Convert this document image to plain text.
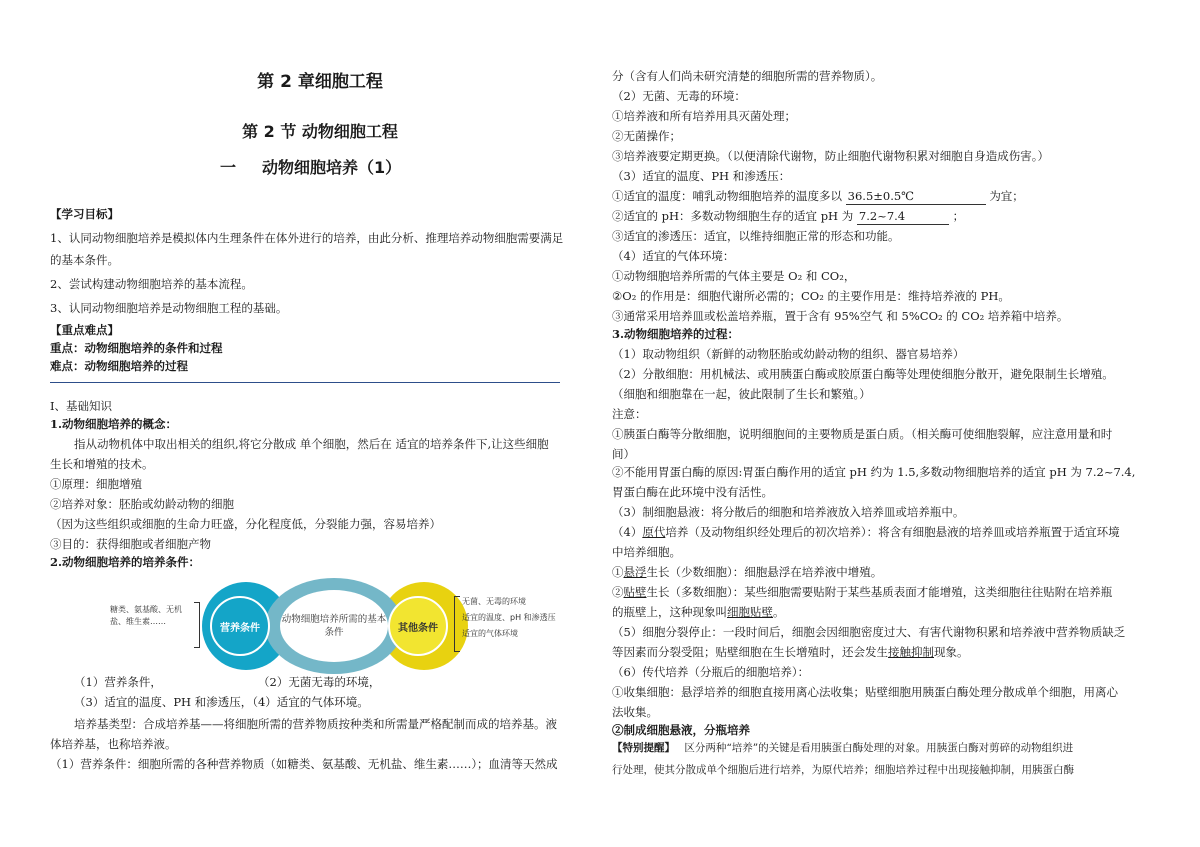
第 2 章细胞工程
第 2 节 动物细胞工程
一 动物细胞培养（1）
【学习目标】
1、认同动物细胞培养是模拟体内生理条件在体外进行的培养，由此分析、推理培养动物细胞需要满足
的基本条件。
2、尝试构建动物细胞培养的基本流程。
3、认同动物细胞培养是动物细胞工程的基础。
【重点难点】
重点：动物细胞培养的条件和过程
难点：动物细胞培养的过程
Ⅰ、基础知识
1.动物细胞培养的概念：
指从动物机体中取出相关的组织,将它分散成 单个细胞，然后在 适宜的培养条件下,让这些细胞
生长和增殖的技术。
①原理：细胞增殖
②培养对象：胚胎或幼龄动物的细胞
（因为这些组织或细胞的生命力旺盛，分化程度低，分裂能力强，容易培养）
③目的：获得细胞或者细胞产物
2.动物细胞培养的培养条件：
糖类、氨基酸、无机盐、维生素……
营养条件
动物细胞培养所需的基本条件	其他条件
无菌、无毒的环境
适宜的温度、pH 和渗透压
适宜的气体环境
（1）营养条件，	（2）无菌无毒的环境，
（3）适宜的温度、PH 和渗透压，（4）适宜的气体环境。
培养基类型：合成培养基——将细胞所需的营养物质按种类和所需量严格配制而成的培养基。液
体培养基，也称培养液。
（1）营养条件：细胞所需的各种营养物质（如糖类、氨基酸、无机盐、维生素……）；血清等天然成
分（含有人们尚未研究清楚的细胞所需的营养物质）。
（2）无菌、无毒的环境：
①培养液和所有培养用具灭菌处理；
②无菌操作；
③培养液要定期更换。（以便清除代谢物，防止细胞代谢物积累对细胞自身造成伤害。）
（3）适宜的温度、PH 和渗透压：
①适宜的温度：哺乳动物细胞培养的温度多以 36.5±0.5℃	为宜；
②适宜的 pH：多数动物细胞生存的适宜 pH 为 7.2~7.4	；
③适宜的渗透压：适宜，以维持细胞正常的形态和功能。
（4）适宜的气体环境：
①动物细胞培养所需的气体主要是 O₂ 和 CO₂，
②O₂ 的作用是：细胞代谢所必需的；CO₂ 的主要作用是：维持培养液的 PH。
③通常采用培养皿或松盖培养瓶，置于含有 95%空气 和 5%CO₂ 的 CO₂ 培养箱中培养。
3.动物细胞培养的过程：
（1）取动物组织（新鲜的动物胚胎或幼龄动物的组织、器官易培养）
（2）分散细胞：用机械法、或用胰蛋白酶或胶原蛋白酶等处理使细胞分散开，避免限制生长增殖。
（细胞和细胞靠在一起，彼此限制了生长和繁殖。）
注意：
①胰蛋白酶等分散细胞，说明细胞间的主要物质是蛋白质。（相关酶可使细胞裂解，应注意用量和时
间）
②不能用胃蛋白酶的原因:胃蛋白酶作用的适宜 pH 约为 1.5,多数动物细胞培养的适宜 pH 为 7.2~7.4,
胃蛋白酶在此环境中没有活性。
（3）制细胞悬液：将分散后的细胞和培养液放入培养皿或培养瓶中。
（4）原代培养（及动物组织经处理后的初次培养）：将含有细胞悬液的培养皿或培养瓶置于适宜环境
中培养细胞。
①悬浮生长（少数细胞）：细胞悬浮在培养液中增殖。
②贴壁生长（多数细胞）：某些细胞需要贴附于某些基质表面才能增殖，这类细胞往往贴附在培养瓶
的瓶壁上，这种现象叫细胞贴壁。
（5）细胞分裂停止：一段时间后，细胞会因细胞密度过大、有害代谢物积累和培养液中营养物质缺乏
等因素而分裂受阻；贴壁细胞在生长增殖时，还会发生接触抑制现象。
（6）传代培养（分瓶后的细胞培养）：
①收集细胞：悬浮培养的细胞直接用离心法收集；贴壁细胞用胰蛋白酶处理分散成单个细胞，用离心
法收集。
②制成细胞悬液，分瓶培养
【特别提醒】 区分两种“培养”的关键是看用胰蛋白酶处理的对象。用胰蛋白酶对剪碎的动物组织进
行处理，使其分散成单个细胞后进行培养，为原代培养；细胞培养过程中出现接触抑制，用胰蛋白酶
